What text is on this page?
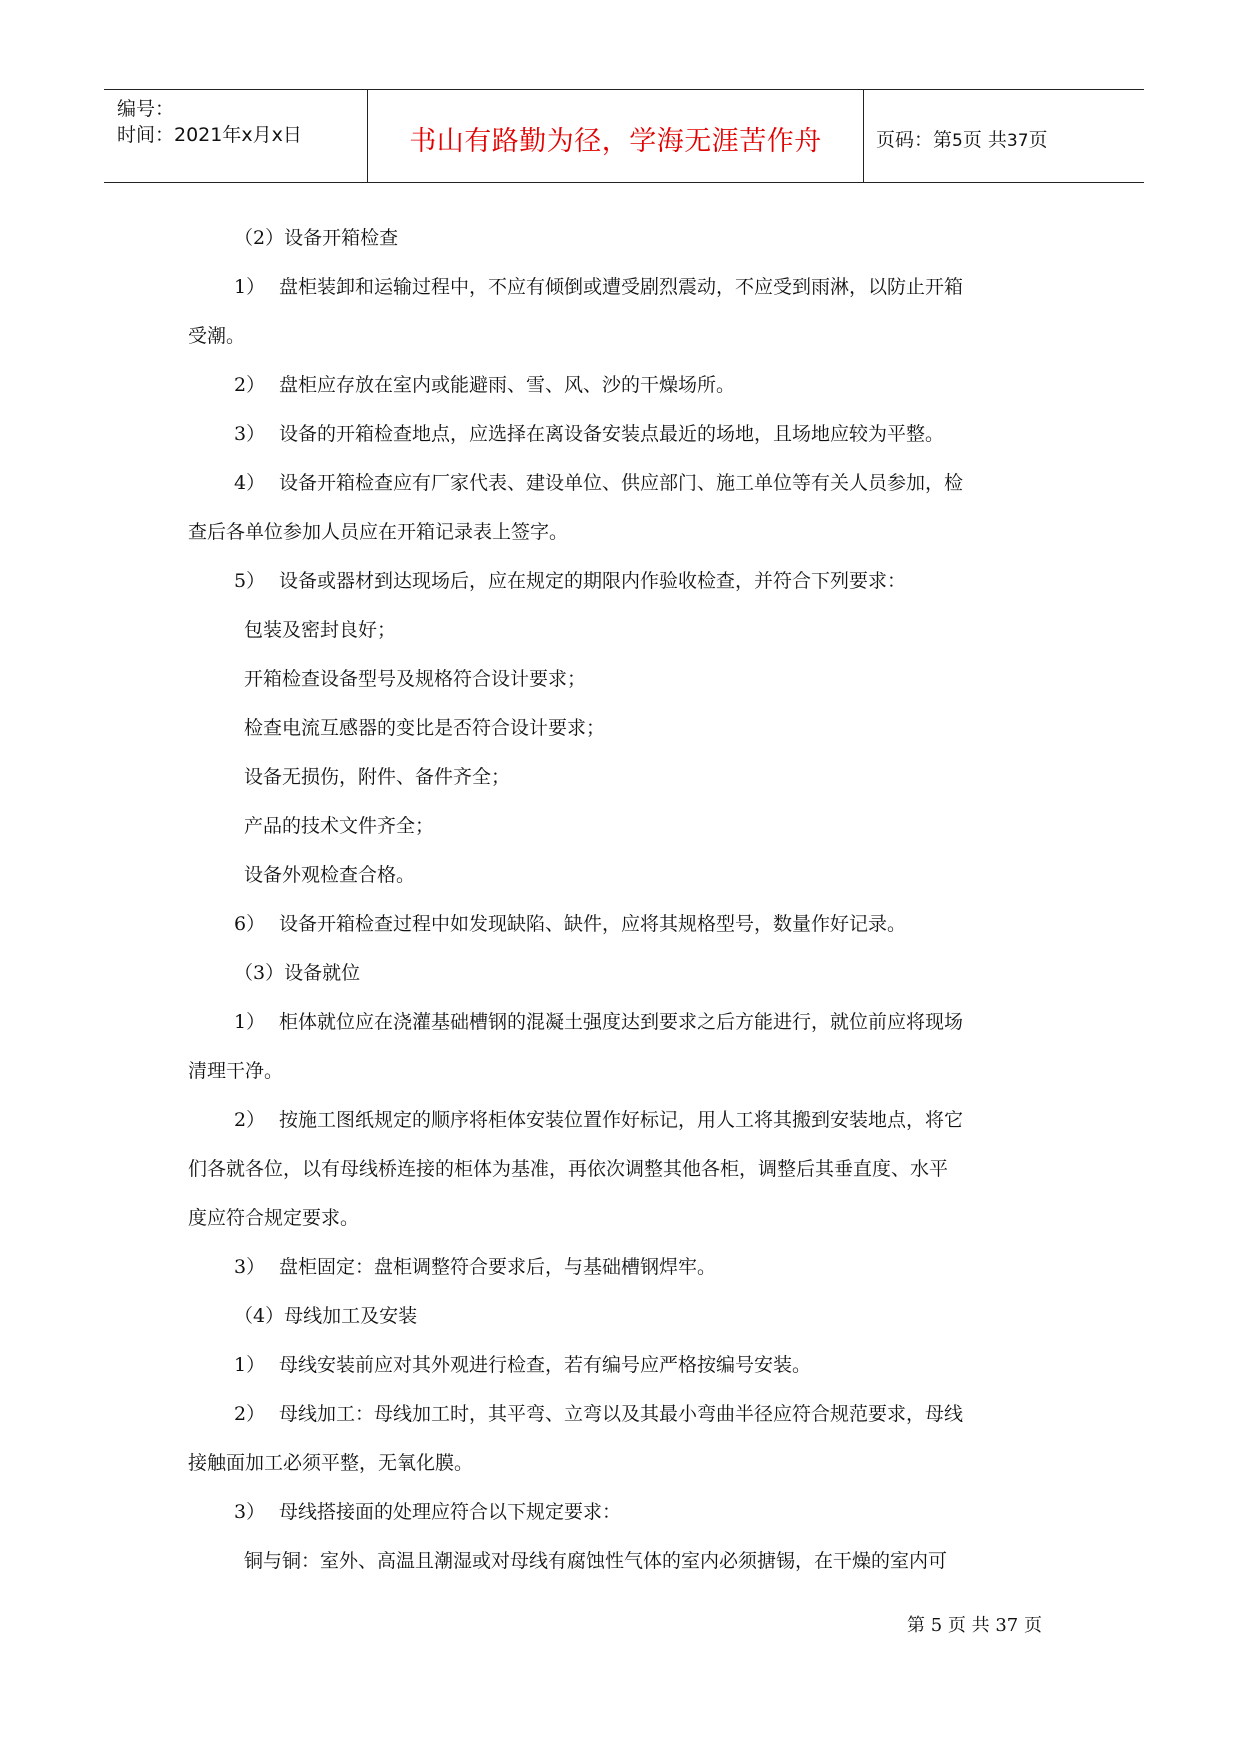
编号：
时间：2021年x月x日	书山有路勤为径，学海无涯苦作舟	页码：第5页 共37页
（2）设备开箱检查
1） 盘柜装卸和运输过程中，不应有倾倒或遭受剧烈震动，不应受到雨淋，以防止开箱
受潮。
2） 盘柜应存放在室内或能避雨、雪、风、沙的干燥场所。
3） 设备的开箱检查地点，应选择在离设备安装点最近的场地，且场地应较为平整。
4） 设备开箱检查应有厂家代表、建设单位、供应部门、施工单位等有关人员参加，检
查后各单位参加人员应在开箱记录表上签字。
5） 设备或器材到达现场后，应在规定的期限内作验收检查，并符合下列要求：
包装及密封良好；
开箱检查设备型号及规格符合设计要求；
检查电流互感器的变比是否符合设计要求；
设备无损伤，附件、备件齐全；
产品的技术文件齐全；
设备外观检查合格。
6） 设备开箱检查过程中如发现缺陷、缺件，应将其规格型号，数量作好记录。
（3）设备就位
1） 柜体就位应在浇灌基础槽钢的混凝土强度达到要求之后方能进行，就位前应将现场
清理干净。
2） 按施工图纸规定的顺序将柜体安装位置作好标记，用人工将其搬到安装地点，将它
们各就各位，以有母线桥连接的柜体为基准，再依次调整其他各柜，调整后其垂直度、水平
度应符合规定要求。
3） 盘柜固定：盘柜调整符合要求后，与基础槽钢焊牢。
（4）母线加工及安装
1） 母线安装前应对其外观进行检查，若有编号应严格按编号安装。
2） 母线加工：母线加工时，其平弯、立弯以及其最小弯曲半径应符合规范要求，母线
接触面加工必须平整，无氧化膜。
3） 母线搭接面的处理应符合以下规定要求：
铜与铜：室外、高温且潮湿或对母线有腐蚀性气体的室内必须搪锡，在干燥的室内可
第 5 页 共 37 页
